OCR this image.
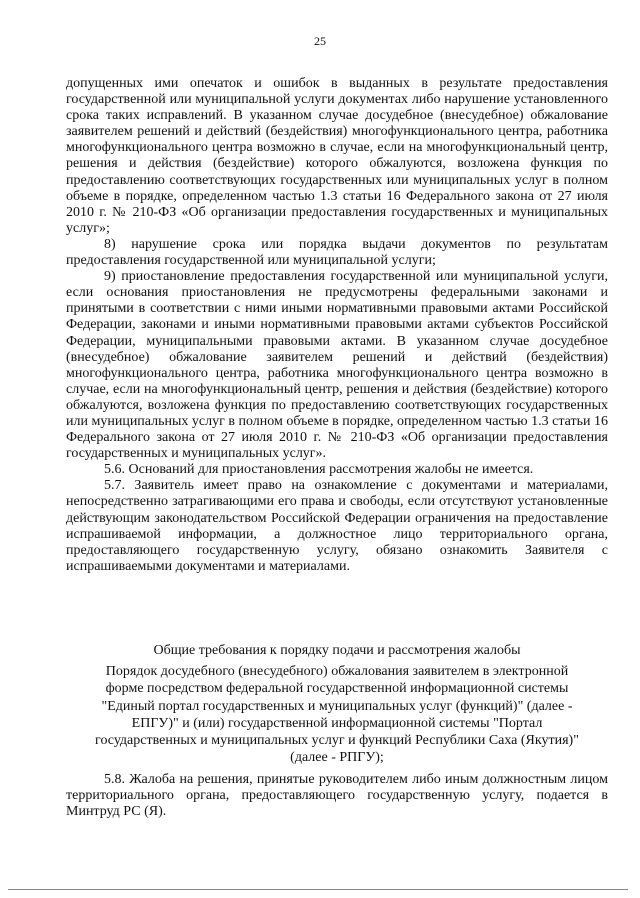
25

допущенных ими опечаток и ошибок в выданных в результате предоставления государственной или муниципальной услуги документах либо нарушение установленного срока таких исправлений. В указанном случае досудебное (внесудебное) обжалование заявителем решений и действий (бездействия) многофункционального центра, работника многофункционального центра возможно в случае, если на многофункциональный центр, решения и действия (бездействие) которого обжалуются, возложена функция по предоставлению соответствующих государственных или муниципальных услуг в полном объеме в порядке, определенном частью 1.3 статьи 16 Федерального закона от 27 июля 2010 г. № 210-ФЗ «Об организации предоставления государственных и муниципальных услуг»;

8) нарушение срока или порядка выдачи документов по результатам предоставления государственной или муниципальной услуги;

9) приостановление предоставления государственной или муниципальной услуги, если основания приостановления не предусмотрены федеральными законами и принятыми в соответствии с ними иными нормативными правовыми актами Российской Федерации, законами и иными нормативными правовыми актами субъектов Российской Федерации, муниципальными правовыми актами. В указанном случае досудебное (внесудебное) обжалование заявителем решений и действий (бездействия) многофункционального центра, работника многофункционального центра возможно в случае, если на многофункциональный центр, решения и действия (бездействие) которого обжалуются, возложена функция по предоставлению соответствующих государственных или муниципальных услуг в полном объеме в порядке, определенном частью 1.3 статьи 16 Федерального закона от 27 июля 2010 г. № 210-ФЗ «Об организации предоставления государственных и муниципальных услуг».

5.6. Оснований для приостановления рассмотрения жалобы не имеется.

5.7. Заявитель имеет право на ознакомление с документами и материалами, непосредственно затрагивающими его права и свободы, если отсутствуют установленные действующим законодательством Российской Федерации ограничения на предоставление испрашиваемой информации, а должностное лицо территориального органа, предоставляющего государственную услугу, обязано ознакомить Заявителя с испрашиваемыми документами и материалами.

Общие требования к порядку подачи и рассмотрения жалобы

Порядок досудебного (внесудебного) обжалования заявителем в электронной
форме посредством федеральной государственной информационной системы
"Единый портал государственных и муниципальных услуг (функций)" (далее -
ЕПГУ)" и (или) государственной информационной системы "Портал
государственных и муниципальных услуг и функций Республики Саха (Якутия)"
(далее - РПГУ);

5.8. Жалоба на решения, принятые руководителем либо иным должностным лицом территориального органа, предоставляющего государственную услугу, подается в Минтруд РС (Я).
